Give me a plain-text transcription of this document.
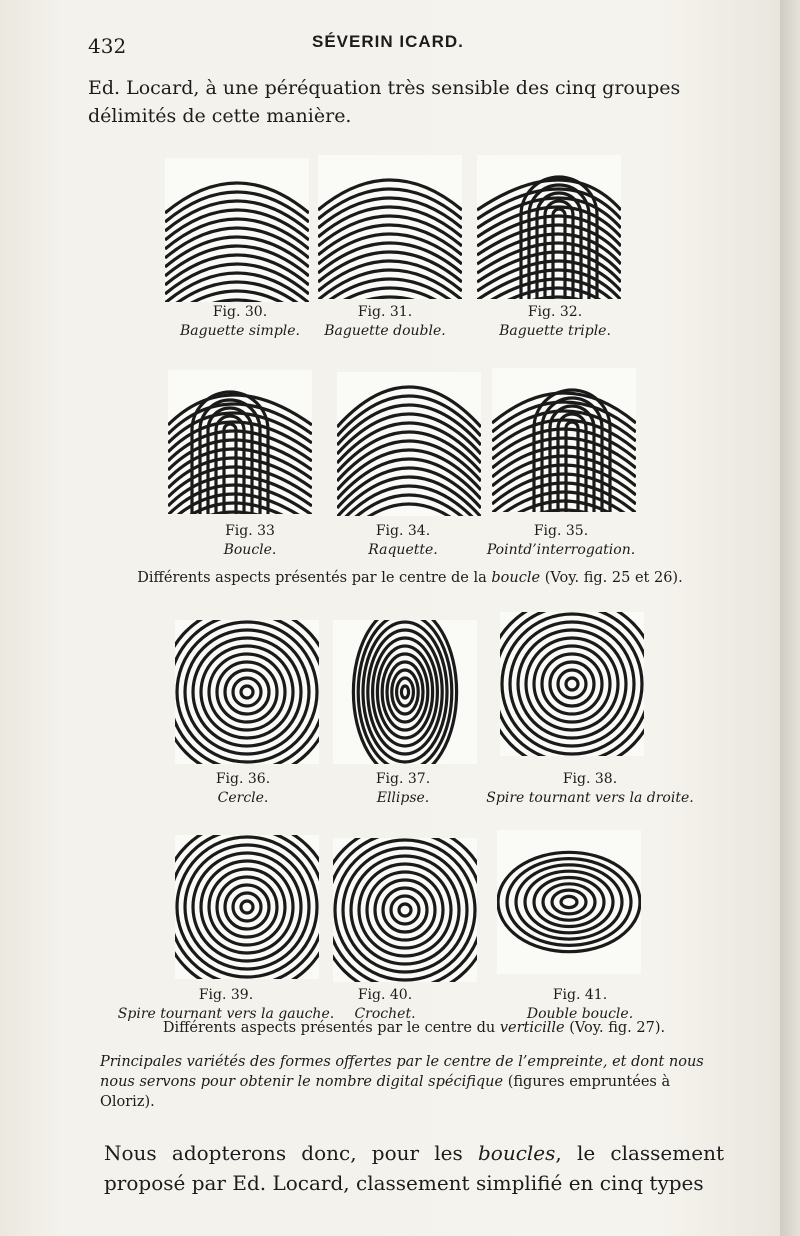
432	SÉVERIN ICARD.
Ed. Locard, à une péréquation très sensible des cinq groupes délimités de cette manière.
Fig. 30.
Baguette simple.
Fig. 31.
Baguette double.
Fig. 32.
Baguette triple.
Fig. 33
Boucle.
Fig. 34.
Raquette.
Fig. 35.
Pointd’interrogation.
Fig. 36.
Cercle.
Fig. 37.
Ellipse.
Fig. 38.
Spire tournant vers la droite.
Fig. 39.
Spire tournant vers la gauche.
Fig. 40.
Crochet.
Fig. 41.
Double boucle.
Différents aspects présentés par le centre de la boucle (Voy. fig. 25 et 26).
Différents aspects présentés par le centre du verticille (Voy. fig. 27).
Principales variétés des formes offertes par le centre de l’empreinte, et dont nous nous servons pour obtenir le nombre digital spécifique (figures empruntées à Oloriz).
Nous adopterons donc, pour les boucles, le classement proposé par Ed. Locard, classement simplifié en cinq types
